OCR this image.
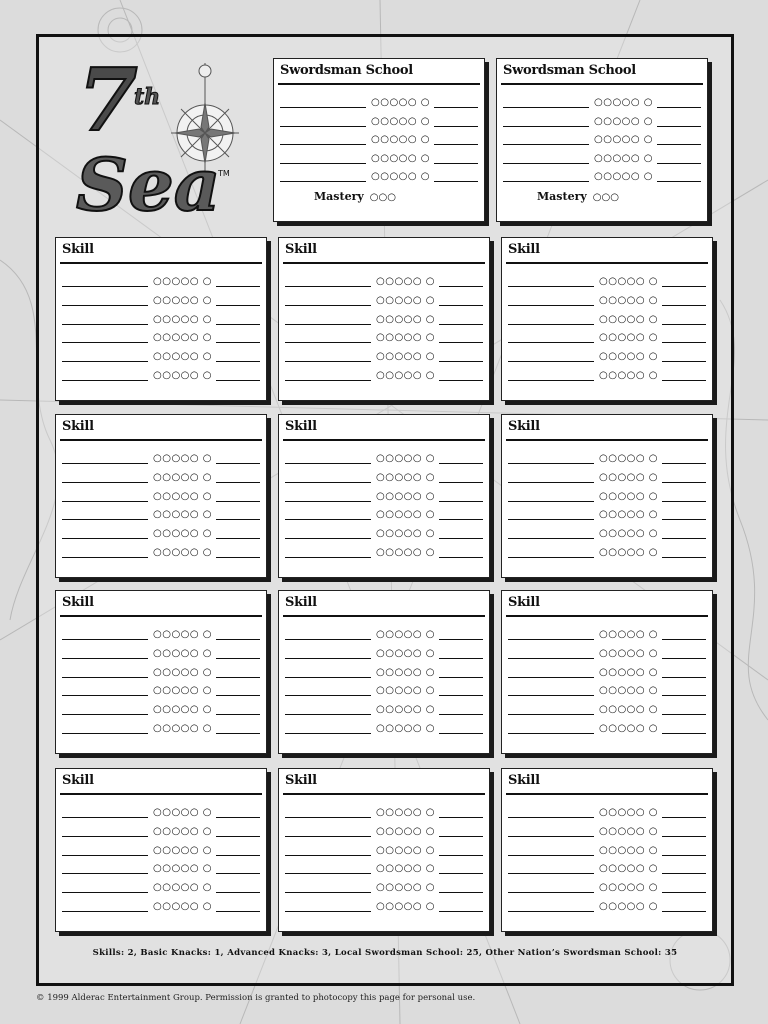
7
th
Sea
TM
Swordsman School
○○○○○ ○
○○○○○ ○
○○○○○ ○
○○○○○ ○
○○○○○ ○
Mastery ○○○
Swordsman School
○○○○○ ○
○○○○○ ○
○○○○○ ○
○○○○○ ○
○○○○○ ○
Mastery ○○○
Skill
○○○○○ ○
○○○○○ ○
○○○○○ ○
○○○○○ ○
○○○○○ ○
○○○○○ ○
Skill
○○○○○ ○
○○○○○ ○
○○○○○ ○
○○○○○ ○
○○○○○ ○
○○○○○ ○
Skill
○○○○○ ○
○○○○○ ○
○○○○○ ○
○○○○○ ○
○○○○○ ○
○○○○○ ○
Skill
○○○○○ ○
○○○○○ ○
○○○○○ ○
○○○○○ ○
○○○○○ ○
○○○○○ ○
Skill
○○○○○ ○
○○○○○ ○
○○○○○ ○
○○○○○ ○
○○○○○ ○
○○○○○ ○
Skill
○○○○○ ○
○○○○○ ○
○○○○○ ○
○○○○○ ○
○○○○○ ○
○○○○○ ○
Skill
○○○○○ ○
○○○○○ ○
○○○○○ ○
○○○○○ ○
○○○○○ ○
○○○○○ ○
Skill
○○○○○ ○
○○○○○ ○
○○○○○ ○
○○○○○ ○
○○○○○ ○
○○○○○ ○
Skill
○○○○○ ○
○○○○○ ○
○○○○○ ○
○○○○○ ○
○○○○○ ○
○○○○○ ○
Skill
○○○○○ ○
○○○○○ ○
○○○○○ ○
○○○○○ ○
○○○○○ ○
○○○○○ ○
Skill
○○○○○ ○
○○○○○ ○
○○○○○ ○
○○○○○ ○
○○○○○ ○
○○○○○ ○
Skill
○○○○○ ○
○○○○○ ○
○○○○○ ○
○○○○○ ○
○○○○○ ○
○○○○○ ○
Skills: 2, Basic Knacks: 1, Advanced Knacks: 3, Local Swordsman School: 25, Other Nation’s Swordsman School: 35
© 1999 Alderac Entertainment Group. Permission is granted to photocopy this page for personal use.
